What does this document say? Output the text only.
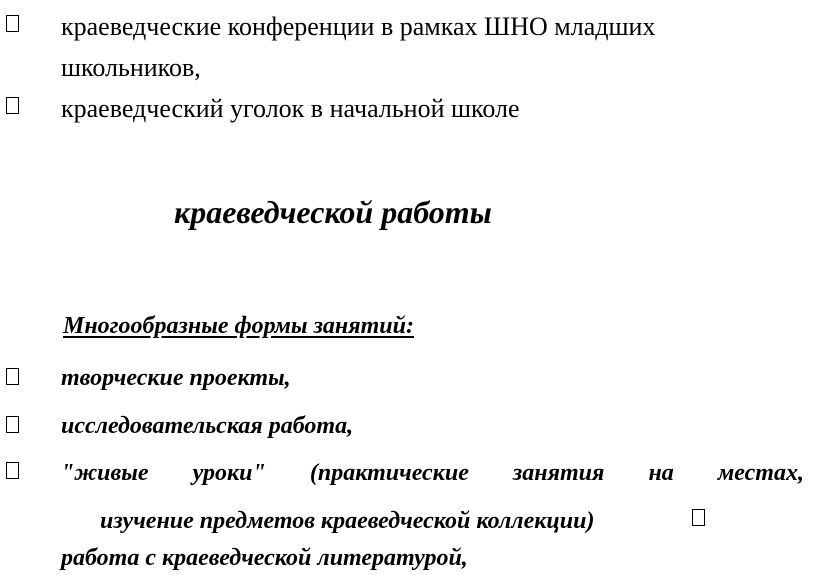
краеведческие конференции в рамках ШНО младших
школьников,
краеведческий уголок в начальной школе
краеведческой работы
Многообразные формы занятий:
творческие проекты,
исследовательская работа,
"живые уроки" (практические занятия на местах,
изучение предметов краеведческой коллекции)
работа с краеведческой литературой,
